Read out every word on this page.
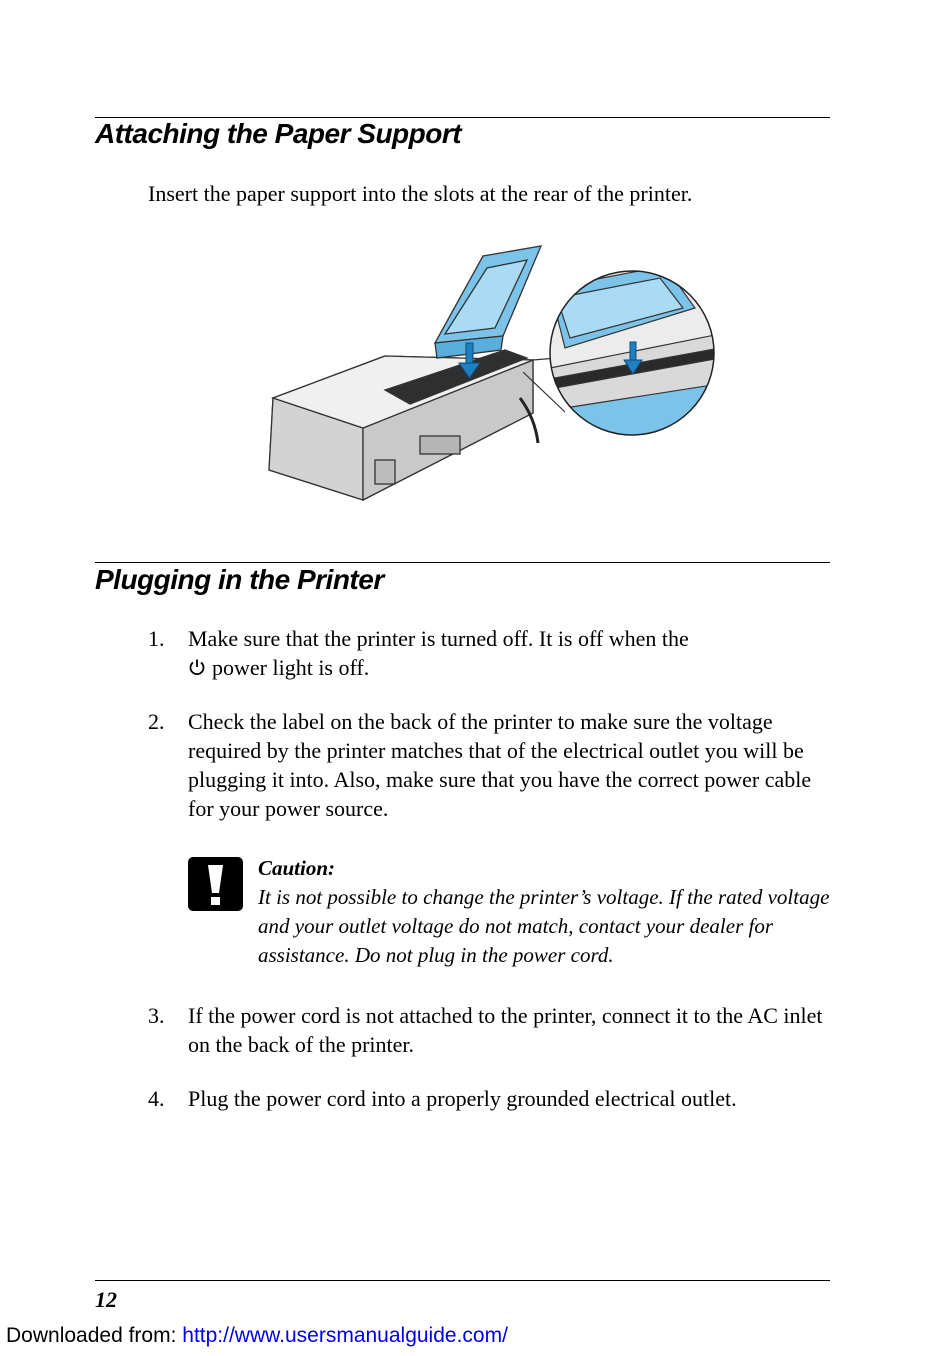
Attaching the Paper Support

Insert the paper support into the slots at the rear of the printer.

Plugging in the Printer
1. Make sure that the printer is turned off. It is off when the
power light is off.
2. Check the label on the back of the printer to make sure the voltage required by the printer matches that of the electrical outlet you will be plugging it into. Also, make sure that you have the correct power cable for your power source.
Caution:
It is not possible to change the printer’s voltage. If the rated voltage and your outlet voltage do not match, contact your dealer for assistance. Do not plug in the power cord.
3. If the power cord is not attached to the printer, connect it to the AC inlet on the back of the printer.
4. Plug the power cord into a properly grounded electrical outlet.
12
Downloaded from: http://www.usersmanualguide.com/
